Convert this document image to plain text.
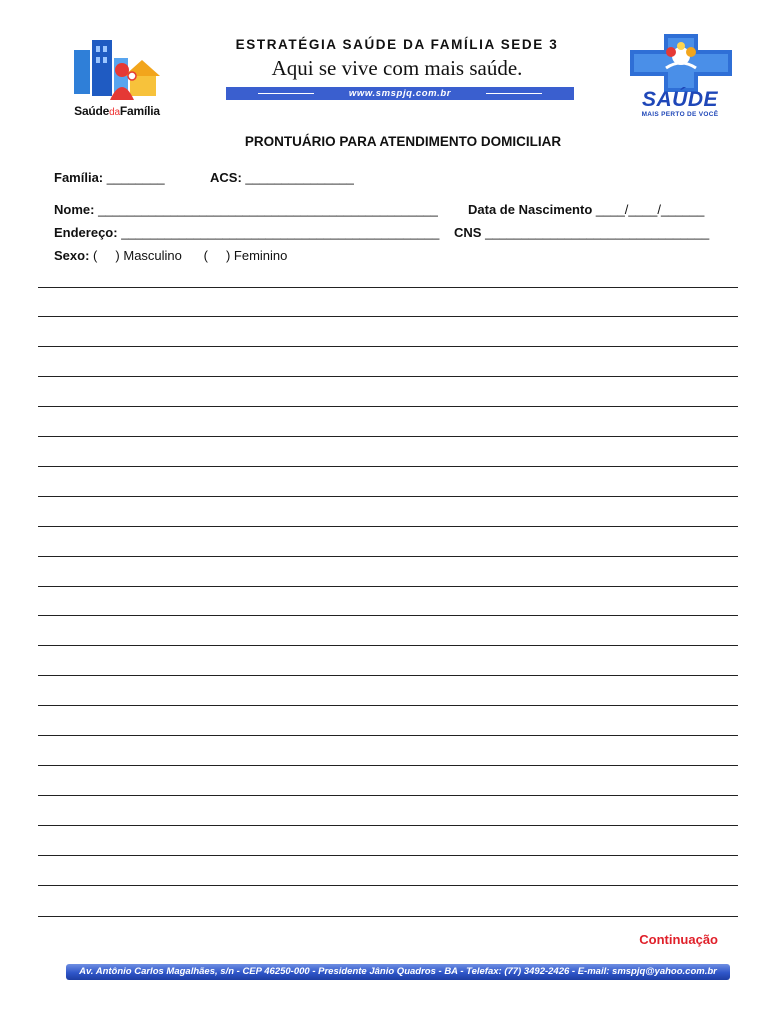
SaúdedaFamília
ESTRATÉGIA SAÚDE DA FAMÍLIA SEDE 3
Aqui se vive com mais saúde.
www.smspjq.com.br	SAÚDE
MAIS PERTO DE VOCÊ
PRONTUÁRIO PARA ATENDIMENTO DOMICILIAR
Família: ________	ACS: _______________
Nome: _______________________________________________ Data de Nascimento ____/____/______
Endereço: ____________________________________________ CNS _______________________________
Sexo: (     ) Masculino (     ) Feminino
Continuação
Av. Antônio Carlos Magalhães, s/n - CEP 46250-000 - Presidente Jânio Quadros - BA - Telefax: (77) 3492-2426 - E-mail: smspjq@yahoo.com.br
